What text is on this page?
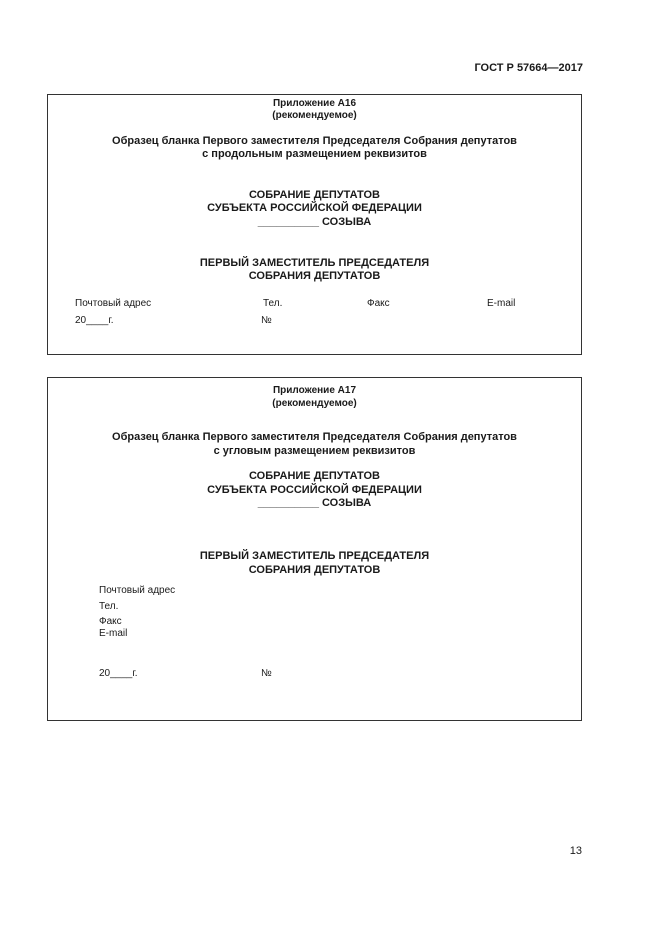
ГОСТ Р 57664—2017
Приложение А16
(рекомендуемое)
Образец бланка Первого заместителя Председателя Собрания депутатов
с продольным размещением реквизитов
СОБРАНИЕ ДЕПУТАТОВ
СУБЪЕКТА РОССИЙСКОЙ ФЕДЕРАЦИИ
__________ СОЗЫВА
ПЕРВЫЙ ЗАМЕСТИТЕЛЬ ПРЕДСЕДАТЕЛЯ
СОБРАНИЯ ДЕПУТАТОВ
Почтовый адрес	Тел.	Факс	E-mail
20____г.	№
Приложение А17
(рекомендуемое)
Образец бланка Первого заместителя Председателя Собрания депутатов
с угловым размещением реквизитов
СОБРАНИЕ ДЕПУТАТОВ
СУБЪЕКТА РОССИЙСКОЙ ФЕДЕРАЦИИ
__________ СОЗЫВА
ПЕРВЫЙ ЗАМЕСТИТЕЛЬ ПРЕДСЕДАТЕЛЯ
СОБРАНИЯ ДЕПУТАТОВ
Почтовый адрес
Тел.
Факс
E-mail
20____г.	№
13
